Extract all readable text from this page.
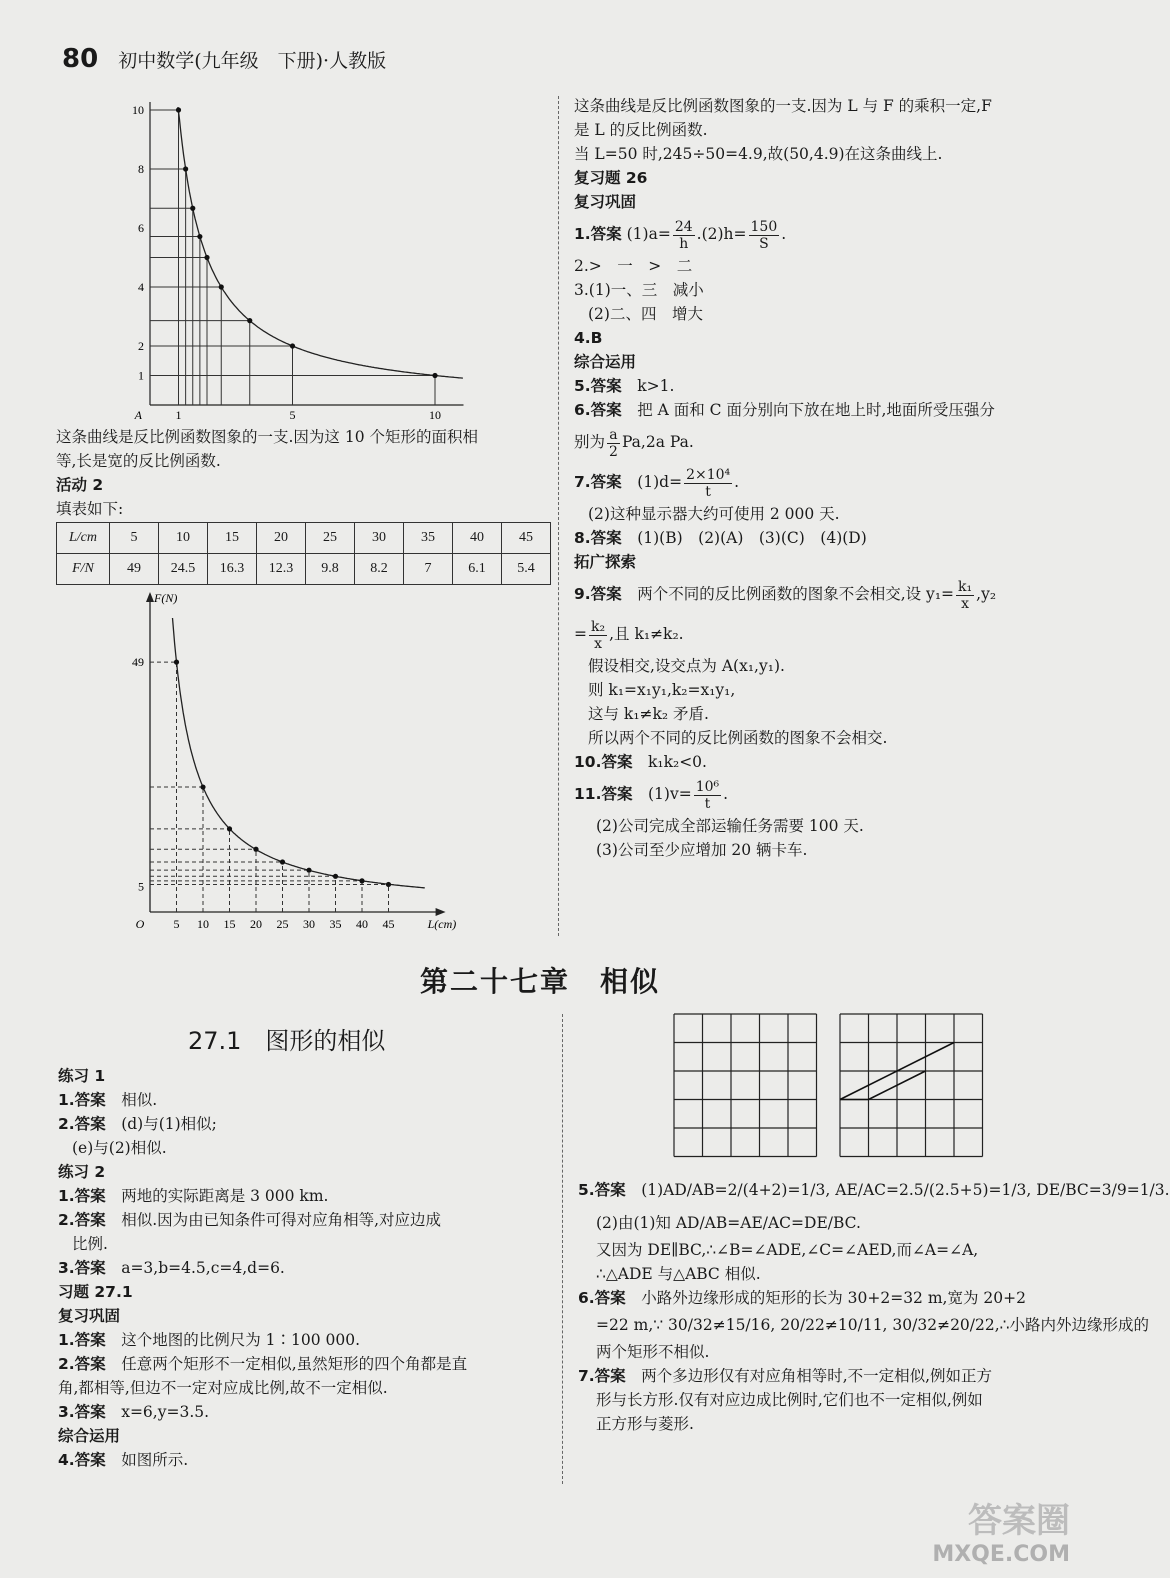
80 初中数学(九年级　下册)·人教版
1
2
4
6
8
10
1	5	10
A
这条曲线是反比例函数图象的一支.因为这 10 个矩形的面积相
等,长是宽的反比例函数.
活动 2
填表如下:
L/cm	5	10	15	20	25	30	35	40	45
F/N	49	24.5	16.3	12.3	9.8	8.2	7	6.1	5.4
5
49
5 10 15 20 25 30 35 40 45
O
F(N)
L(cm)
这条曲线是反比例函数图象的一支.因为 L 与 F 的乘积一定,F
是 L 的反比例函数.
当 L=50 时,245÷50=4.9,故(50,4.9)在这条曲线上.
复习题 26
复习巩固
1.答案 $(1)a= \frac{24}{h} .(2)h= \frac{150}{S}$ .
2.>　一　>　二
3.(1)一、三　减小
(2)二、四　增大
4.B
综合运用
5.答案　 k>1.
6.答案　 把 A 面和 C 面分别向下放在地上时,地面所受压强分
别为 $\frac{a}{2} Pa,2a$ Pa.
7.答案　 $(1)d= \frac{\text{2×10⁴}}{t}$ .
(2)这种显示器大约可使用 2 000 天.
8.答案　 (1)(B)　(2)(A)　(3)(C)　(4)(D)
拓广探索
9.答案　 两个不同的反比例函数的图象不会相交,设 $y_1= \frac{\text{k₁}}{x} ,y_2$
= $\frac{\text{k₂}}{x}$ ,且 k₁≠k₂.
假设相交,设交点为 A(x₁,y₁).
则 k₁=x₁y₁,k₂=x₁y₁,
这与 k₁≠k₂ 矛盾.
所以两个不同的反比例函数的图象不会相交.
10.答案　 k₁k₂<0.
11.答案　 $(1)v= \frac{\text{10⁶}}{t}$ .
(2)公司完成全部运输任务需要 100 天.
(3)公司至少应增加 20 辆卡车.
第二十七章　相似
27.1　图形的相似
练习 1
1.答案　 相似.
2.答案　 (d)与(1)相似;
(e)与(2)相似.
练习 2
1.答案　 两地的实际距离是 3 000 km.
2.答案　 相似.因为由已知条件可得对应角相等,对应边成
比例.
3.答案　 a=3,b=4.5,c=4,d=6.
习题 27.1
复习巩固
1.答案　 这个地图的比例尺为 1∶100 000.
2.答案　 任意两个矩形不一定相似,虽然矩形的四个角都是直
角,都相等,但边不一定对应成比例,故不一定相似.
3.答案　 x=6,y=3.5.
综合运用
4.答案　 如图所示.
5.答案　 (1)AD/AB=2/(4+2)=1/3, AE/AC=2.5/(2.5+5)=1/3, DE/BC=3/9=1/3.
(2)由(1)知 AD/AB=AE/AC=DE/BC.
又因为 DE∥BC,∴∠B=∠ADE,∠C=∠AED,而∠A=∠A,
∴△ADE 与△ABC 相似.
6.答案　 小路外边缘形成的矩形的长为 30+2=32 m,宽为 20+2
=22 m,∵ 30/32≠15/16, 20/22≠10/11, 30/32≠20/22,∴小路内外边缘形成的
两个矩形不相似.
7.答案　 两个多边形仅有对应角相等时,不一定相似,例如正方
形与长方形.仅有对应边成比例时,它们也不一定相似,例如
正方形与菱形.
答案圈
MXQE.COM
